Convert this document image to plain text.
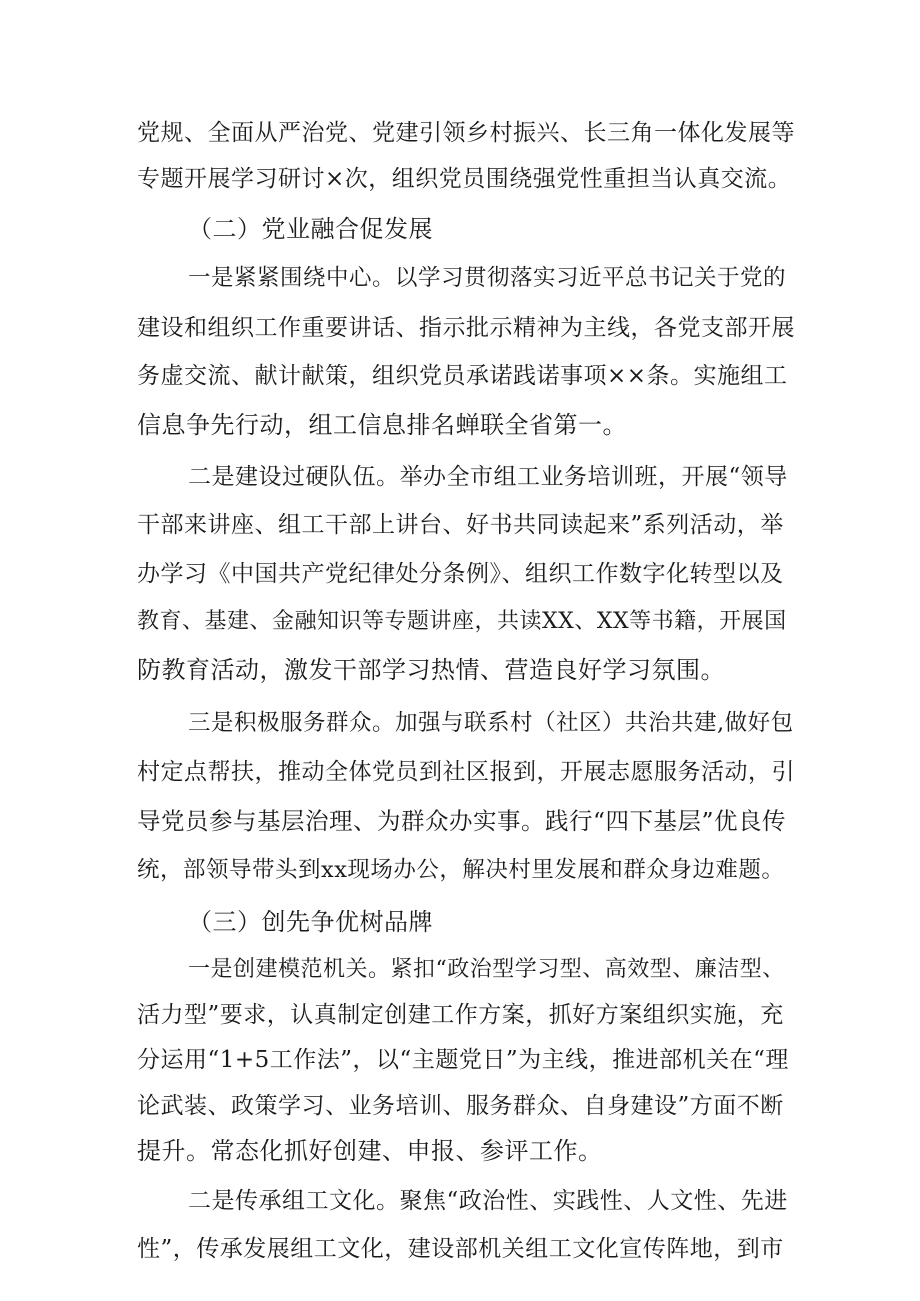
党规、全面从严治党、党建引领乡村振兴、长三角一体化发展等
专题开展学习研讨×次，组织党员围绕强党性重担当认真交流。
（二）党业融合促发展
一是紧紧围绕中心。以学习贯彻落实习近平总书记关于党的
建设和组织工作重要讲话、指示批示精神为主线，各党支部开展
务虚交流、献计献策，组织党员承诺践诺事项××条。实施组工
信息争先行动，组工信息排名蝉联全省第一。
二是建设过硬队伍。举办全市组工业务培训班，开展“领导
干部来讲座、组工干部上讲台、好书共同读起来”系列活动，举
办学习《中国共产党纪律处分条例》、组织工作数字化转型以及
教育、基建、金融知识等专题讲座，共读XX、XX等书籍，开展国
防教育活动，激发干部学习热情、营造良好学习氛围。
三是积极服务群众。加强与联系村（社区）共治共建,做好包
村定点帮扶，推动全体党员到社区报到，开展志愿服务活动，引
导党员参与基层治理、为群众办实事。践行“四下基层”优良传
统，部领导带头到xx现场办公，解决村里发展和群众身边难题。
（三）创先争优树品牌
一是创建模范机关。紧扣“政治型学习型、高效型、廉洁型、
活力型”要求，认真制定创建工作方案，抓好方案组织实施，充
分运用“1+5工作法”，以“主题党日”为主线，推进部机关在“理
论武装、政策学习、业务培训、服务群众、自身建设”方面不断
提升。常态化抓好创建、申报、参评工作。
二是传承组工文化。聚焦“政治性、实践性、人文性、先进
性”，传承发展组工文化，建设部机关组工文化宣传阵地，到市
